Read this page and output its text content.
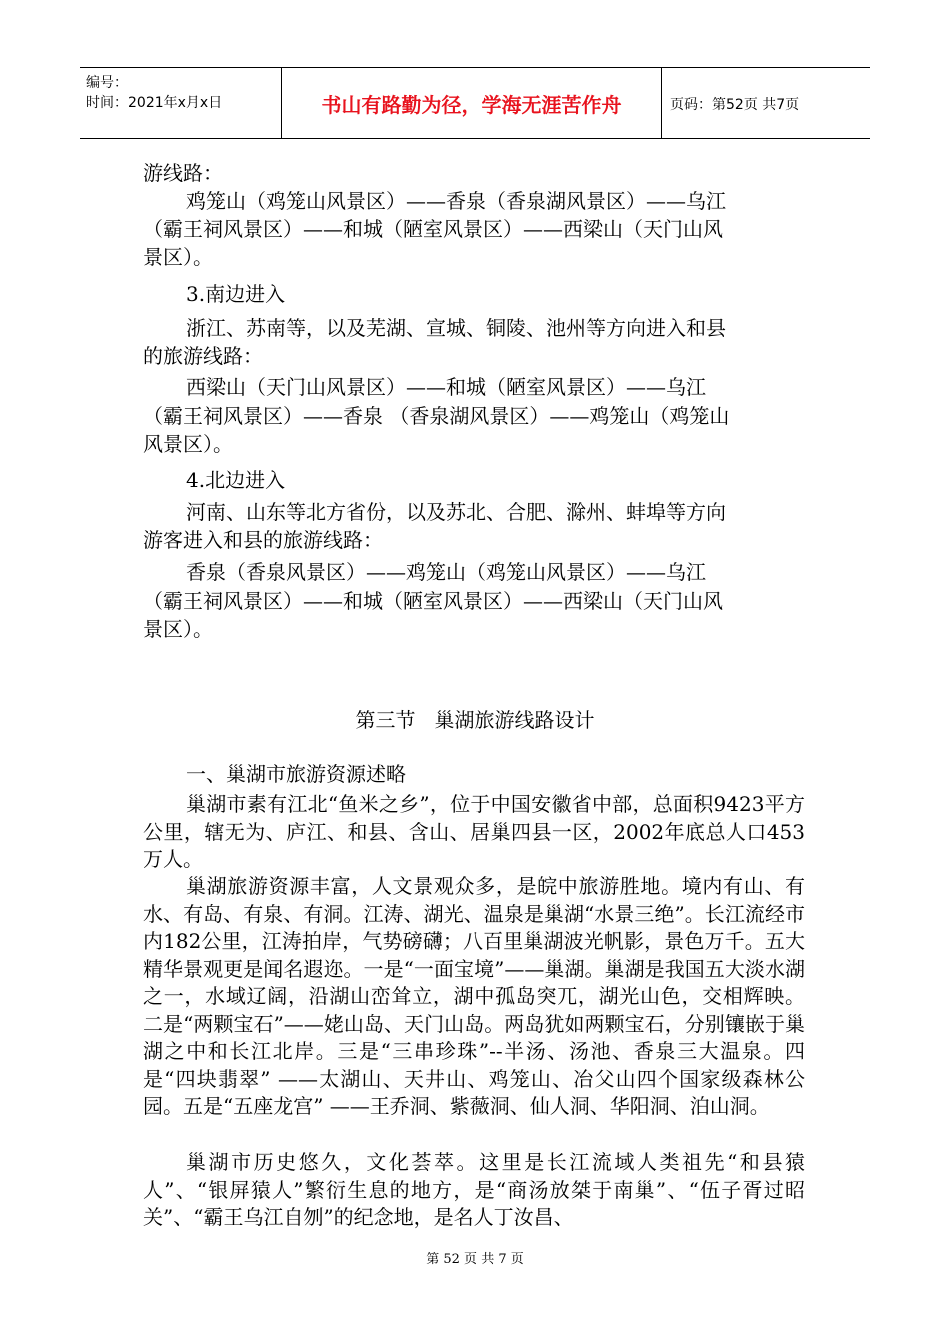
编号：
时间：2021年x月x日	书山有路勤为径，学海无涯苦作舟	页码：第52页 共7页
游线路：
鸡笼山（鸡笼山风景区）——香泉（香泉湖风景区）——乌江
（霸王祠风景区）——和城（陋室风景区）——西梁山（天门山风
景区）。
3.南边进入
浙江、苏南等，以及芜湖、宣城、铜陵、池州等方向进入和县
的旅游线路：
西梁山（天门山风景区）——和城（陋室风景区）——乌江
（霸王祠风景区）——香泉 （香泉湖风景区）——鸡笼山（鸡笼山
风景区）。
4.北边进入
河南、山东等北方省份，以及苏北、合肥、滁州、蚌埠等方向
游客进入和县的旅游线路：
香泉（香泉风景区）——鸡笼山（鸡笼山风景区）——乌江
（霸王祠风景区）——和城（陋室风景区）——西梁山（天门山风
景区）。
第三节   巢湖旅游线路设计
一、巢湖市旅游资源述略
巢湖市素有江北“鱼米之乡”，位于中国安徽省中部，总面积9423平方公里，辖无为、庐江、和县、含山、居巢四县一区，2002年底总人口453万人。
巢湖旅游资源丰富，人文景观众多，是皖中旅游胜地。境内有山、有水、有岛、有泉、有洞。江涛、湖光、温泉是巢湖“水景三绝”。长江流经市内182公里，江涛拍岸，气势磅礴；八百里巢湖波光帆影，景色万千。五大精华景观更是闻名遐迩。一是“一面宝境”——巢湖。巢湖是我国五大淡水湖之一，水域辽阔，沿湖山峦耸立，湖中孤岛突兀，湖光山色，交相辉映。 二是“两颗宝石”——姥山岛、天门山岛。两岛犹如两颗宝石，分别镶嵌于巢湖之中和长江北岸。三是“三串珍珠”--半汤、汤池、香泉三大温泉。四是“四块翡翠” ——太湖山、天井山、鸡笼山、冶父山四个国家级森林公园。五是“五座龙宫” ——王乔洞、紫薇洞、仙人洞、华阳洞、泊山洞。
巢湖市历史悠久，文化荟萃。这里是长江流域人类祖先“和县猿人”、“银屏猿人”繁衍生息的地方，是“商汤放桀于南巢”、“伍子胥过昭关”、“霸王乌江自刎”的纪念地，是名人丁汝昌、
第 52 页 共 7 页
